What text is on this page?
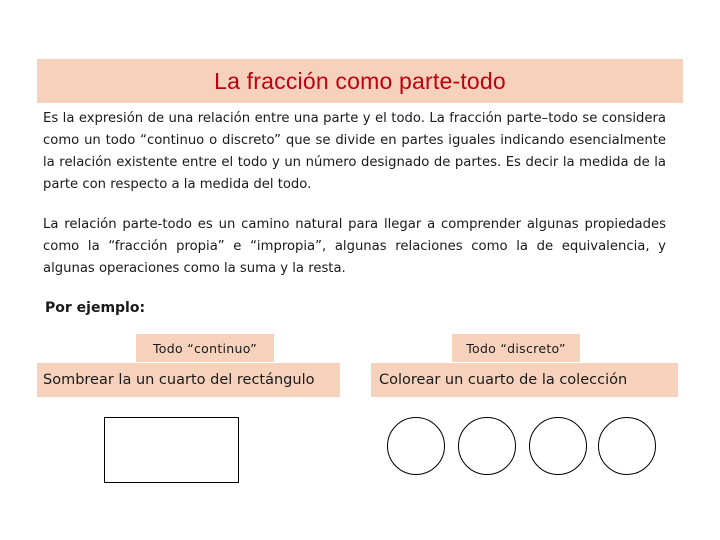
La fracción como parte-todo

Es la expresión de una relación entre una parte y el todo. La fracción parte–todo se considera como un todo “continuo o discreto” que se divide en partes iguales indicando esencialmente la relación existente entre el todo y un número designado de partes. Es decir la medida de la parte con respecto a la medida del todo.

La relación parte-todo es un camino natural para llegar a comprender algunas propiedades como la “fracción propia” e “impropia”, algunas relaciones como la de equivalencia, y algunas operaciones como la suma y la resta.

Por ejemplo:
Todo “continuo”	Todo “discreto”
Sombrear la un cuarto del rectángulo	Colorear un cuarto de la colección
